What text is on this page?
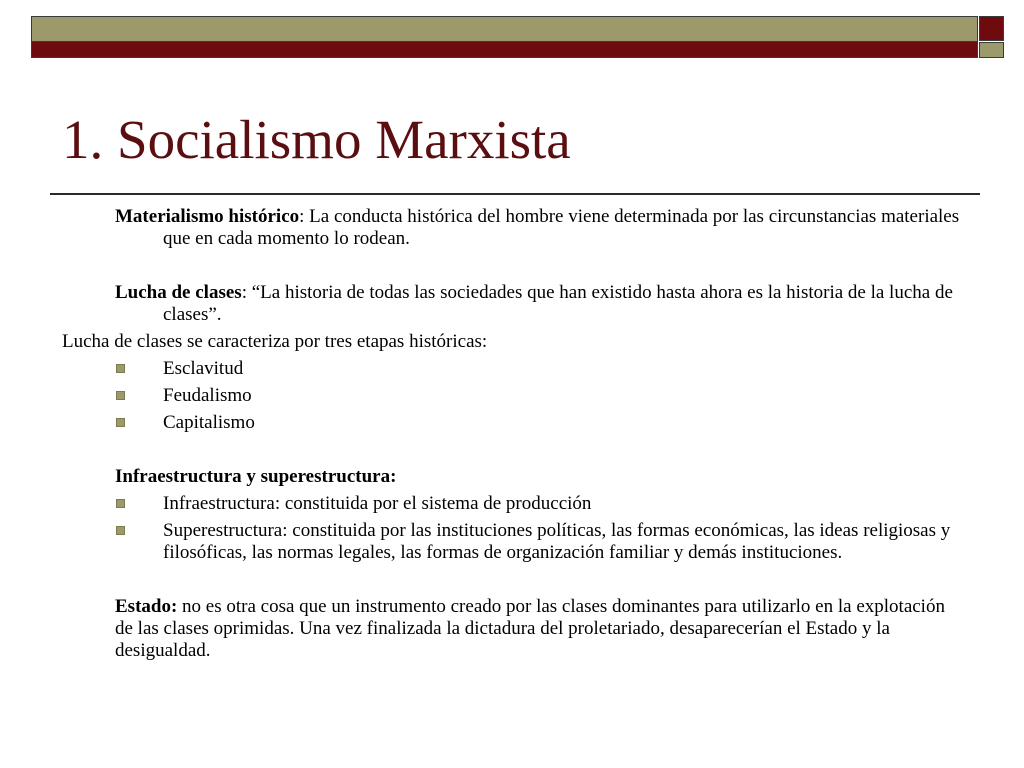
1. Socialismo Marxista

Materialismo histórico: La conducta histórica del hombre viene determinada por las circunstancias materiales que en cada momento lo rodean.

Lucha de clases: “La historia de todas las sociedades que han existido hasta ahora es la historia de la lucha de clases”.

Lucha de clases se caracteriza por tres etapas históricas:

Esclavitud
Feudalismo
Capitalismo

Infraestructura y superestructura:

Infraestructura: constituida por el sistema de producción
Superestructura: constituida por las instituciones políticas, las formas económicas, las ideas religiosas y filosóficas, las normas legales, las formas de organización familiar y demás instituciones.

Estado: no es otra cosa que un instrumento creado por las clases dominantes para utilizarlo en la explotación de las clases oprimidas. Una vez finalizada la dictadura del proletariado, desaparecerían el Estado y la desigualdad.
